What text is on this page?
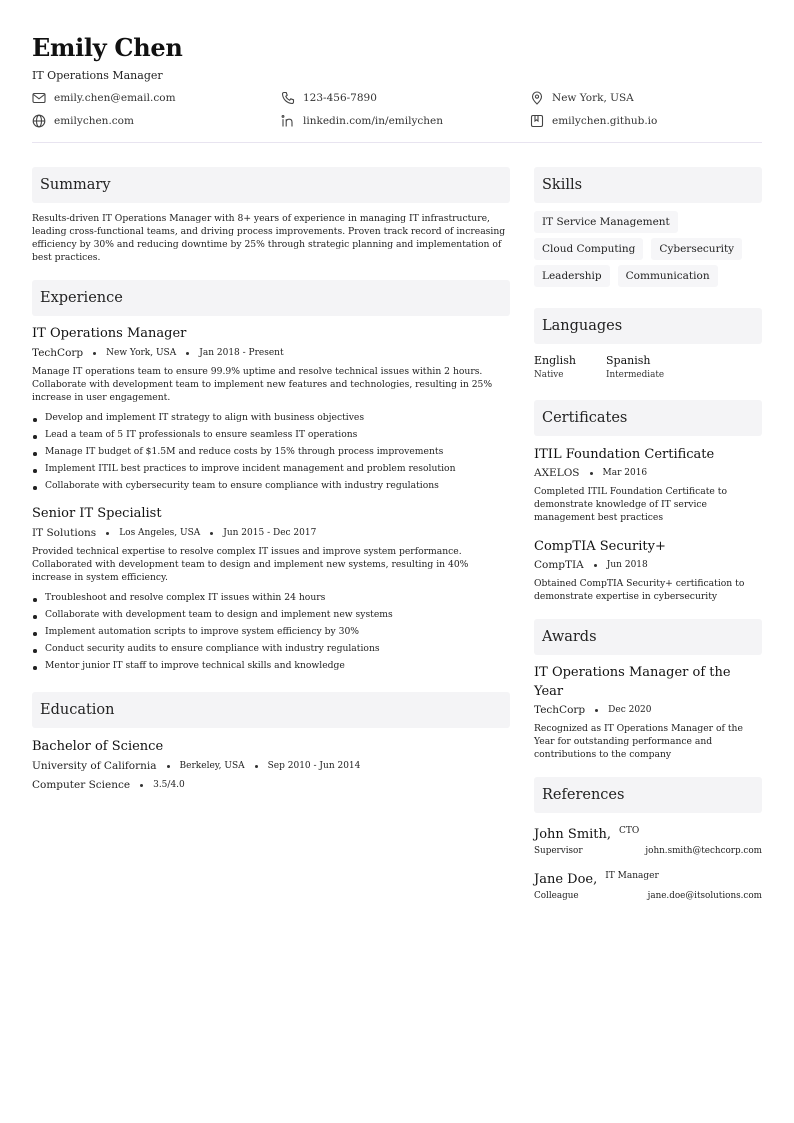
Emily Chen
IT Operations Manager
emily.chen@email.com	123-456-7890	New York, USA
emilychen.com	linkedin.com/in/emilychen	emilychen.github.io
Summary
Results-driven IT Operations Manager with 8+ years of experience in managing IT infrastructure, leading cross-functional teams, and driving process improvements. Proven track record of increasing efficiency by 30% and reducing downtime by 25% through strategic planning and implementation of best practices.
Experience
IT Operations Manager
TechCorp	New York, USA	Jan 2018 - Present
Manage IT operations team to ensure 99.9% uptime and resolve technical issues within 2 hours. Collaborate with development team to implement new features and technologies, resulting in 25% increase in user engagement.
Develop and implement IT strategy to align with business objectives
Lead a team of 5 IT professionals to ensure seamless IT operations
Manage IT budget of $1.5M and reduce costs by 15% through process improvements
Implement ITIL best practices to improve incident management and problem resolution
Collaborate with cybersecurity team to ensure compliance with industry regulations
Senior IT Specialist
IT Solutions	Los Angeles, USA	Jun 2015 - Dec 2017
Provided technical expertise to resolve complex IT issues and improve system performance. Collaborated with development team to design and implement new systems, resulting in 40% increase in system efficiency.
Troubleshoot and resolve complex IT issues within 24 hours
Collaborate with development team to design and implement new systems
Implement automation scripts to improve system efficiency by 30%
Conduct security audits to ensure compliance with industry regulations
Mentor junior IT staff to improve technical skills and knowledge
Education
Bachelor of Science
University of California	Berkeley, USA	Sep 2010 - Jun 2014
Computer Science	3.5/4.0
Skills
IT Service Management
Cloud Computing	Cybersecurity
Leadership	Communication
Languages
English
Native
Spanish
Intermediate
Certificates
ITIL Foundation Certificate
AXELOS	Mar 2016
Completed ITIL Foundation Certificate to demonstrate knowledge of IT service management best practices
CompTIA Security+
CompTIA	Jun 2018
Obtained CompTIA Security+ certification to demonstrate expertise in cybersecurity
Awards
IT Operations Manager of the Year
TechCorp	Dec 2020
Recognized as IT Operations Manager of the Year for outstanding performance and contributions to the company
References
John Smith, CTO
Supervisor	john.smith@techcorp.com
Jane Doe, IT Manager
Colleague	jane.doe@itsolutions.com
